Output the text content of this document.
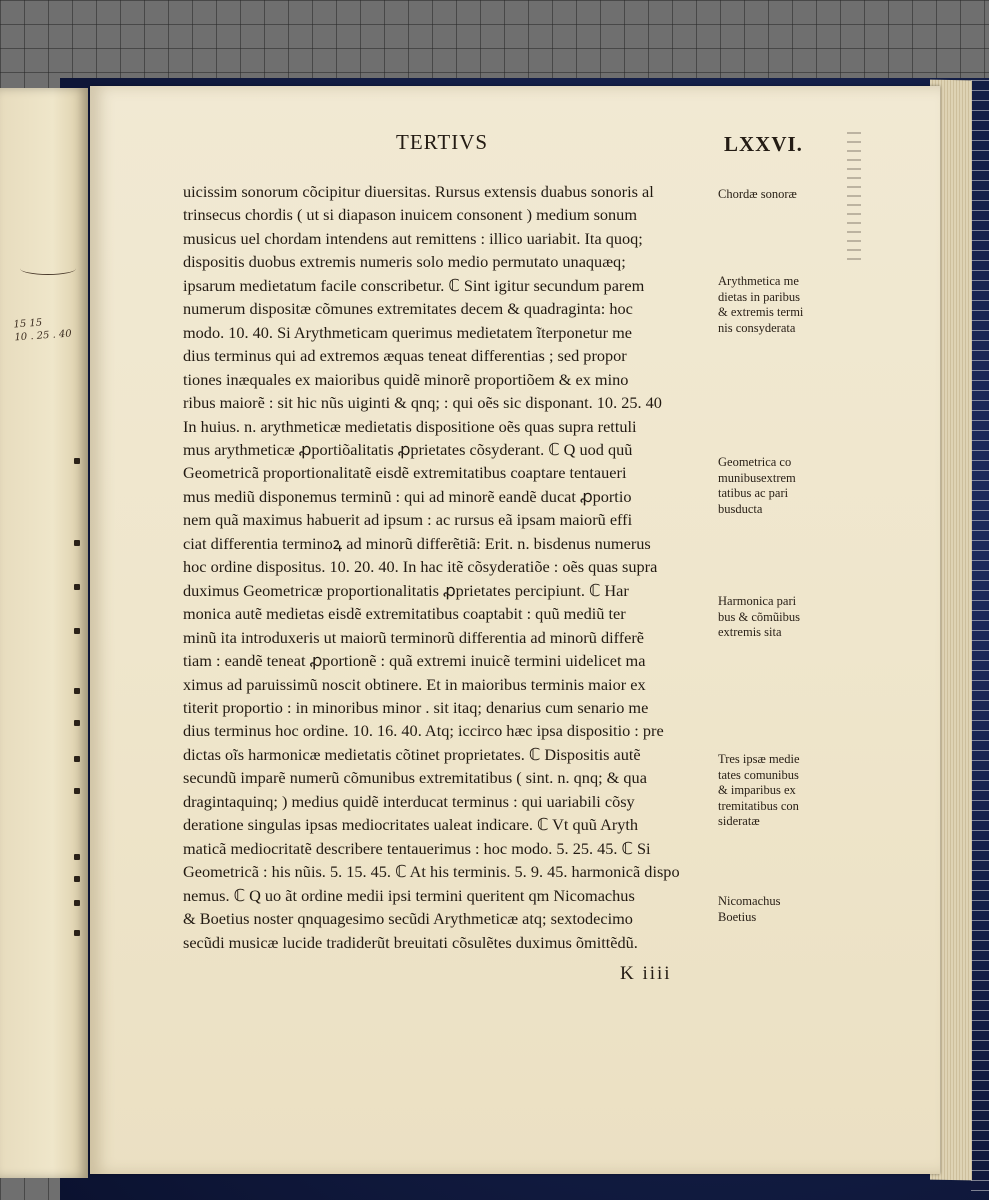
15 15
10 . 25 . 40
TERTIVS	LXXVI.
uicissim sonorum cõcipitur diuersitas. Rursus extensis duabus sonoris al
trinsecus chordis ( ut si diapason inuicem consonent ) medium sonum
musicus uel chordam intendens aut remittens : illico uariabit. Ita quoq;
dispositis duobus extremis numeris solo medio permutato unaquæq;
ipsarum medietatum facile conscribetur. ℂ Sint igitur secundum parem
numerum dispositæ cõmunes extremitates decem & quadraginta: hoc
modo. 10. 40. Si Arythmeticam querimus medietatem ĩterponetur me
dius terminus qui ad extremos æquas teneat differentias ; sed propor
tiones inæquales ex maioribus quidẽ minorẽ proportiõem & ex mino
ribus maiorẽ : sit hic nũs uiginti & qnq; : qui oẽs sic disponant. 10. 25. 40
In huius. n. arythmeticæ medietatis dispositione oẽs quas supra rettuli
mus arythmeticæ ꝓportiõalitatis ꝓprietates cõsyderant. ℂ Q uod quũ
Geometricã proportionalitatẽ eisdẽ extremitatibus coaptare tentaueri
mus mediũ disponemus terminũ : qui ad minorẽ eandẽ ducat ꝓportio
nem quã maximus habuerit ad ipsum : ac rursus eã ipsam maiorũ effi
ciat differentia terminoꝝ ad minorũ differẽtiã: Erit. n. bisdenus numerus
hoc ordine dispositus. 10. 20. 40. In hac itẽ cõsyderatiõe : oẽs quas supra
duximus Geometricæ proportionalitatis ꝓprietates percipiunt. ℂ Har
monica autẽ medietas eisdẽ extremitatibus coaptabit : quũ mediũ ter
minũ ita introduxeris ut maiorũ terminorũ differentia ad minorũ differẽ
tiam : eandẽ teneat ꝓportionẽ : quã extremi inuicẽ termini uidelicet ma
ximus ad paruissimũ noscit obtinere. Et in maioribus terminis maior ex
titerit proportio : in minoribus minor . sit itaq; denarius cum senario me
dius terminus hoc ordine. 10. 16. 40. Atq; iccirco hæc ipsa dispositio : pre
dictas oĩs harmonicæ medietatis cõtinet proprietates. ℂ Dispositis autẽ
secundũ imparẽ numerũ cõmunibus extremitatibus ( sint. n. qnq; & qua
dragintaquinq; ) medius quidẽ interducat terminus : qui uariabili cõsy
deratione singulas ipsas mediocritates ualeat indicare. ℂ Vt quũ Aryth
maticã mediocritatẽ describere tentauerimus : hoc modo. 5. 25. 45. ℂ Si
Geometricã : his nũis. 5. 15. 45. ℂ At his terminis. 5. 9. 45. harmonicã dispo
nemus. ℂ Q uo ãt ordine medii ipsi termini queritent qm Nicomachus
& Boetius noster qnquagesimo secũdi Arythmeticæ atq; sextodecimo
secũdi musicæ lucide tradiderũt breuitati cõsulẽtes duximus õmittẽdũ.
Chordæ sonoræ
Arythmetica me
dietas in paribus
& extremis termi
nis consyderata
Geometrica co
munibusextrem
tatibus ac pari
busducta
Harmonica pari
bus & cõmũibus
extremis sita
Tres ipsæ medie
tates comunibus
& imparibus ex
tremitatibus con
sideratæ
Nicomachus
Boetius
K iiii
